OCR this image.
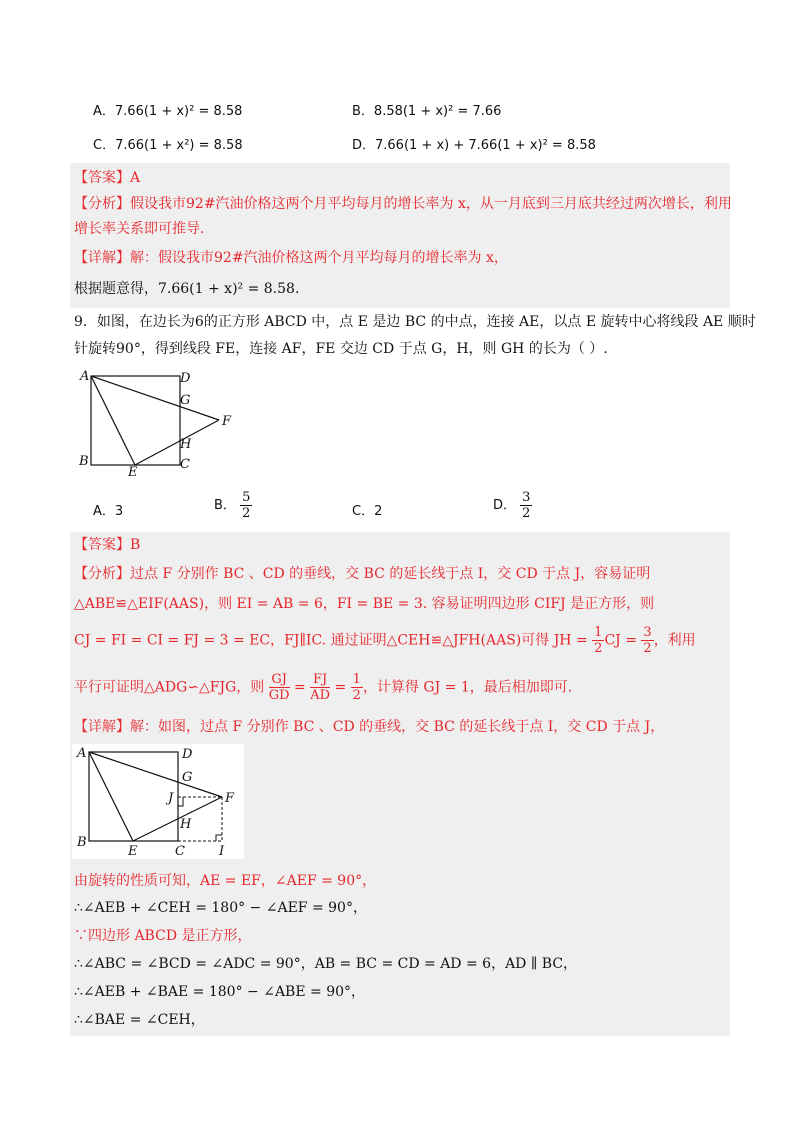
A．7.66(1 + x)² = 8.58	B．8.58(1 + x)² = 7.66
C．7.66(1 + x²) = 8.58	D．7.66(1 + x) + 7.66(1 + x)² = 8.58
【答案】A
【分析】假设我市92#汽油价格这两个月平均每月的增长率为 x，从一月底到三月底共经过两次增长，利用
增长率关系即可推导.
【详解】解：假设我市92#汽油价格这两个月平均每月的增长率为 x，
根据题意得，7.66(1 + x)² = 8.58.
9．如图，在边长为6的正方形 ABCD 中，点 E 是边 BC 的中点，连接 AE，以点 E 旋转中心将线段 AE 顺时
针旋转90°，得到线段 FE，连接 AF，FE 交边 CD 于点 G，H，则 GH 的长为（ ）.
A	D
G
F
H
B
E
C
A．3	B． $\frac{5}{2}$	C．2	D． $\frac{3}{2}$
【答案】B
【分析】过点 F 分别作 BC 、CD 的垂线，交 BC 的延长线于点 I，交 CD 于点 J，容易证明
△ABE≌△EIF(AAS)，则 EI = AB = 6，FI = BE = 3. 容易证明四边形 CIFJ 是正方形，则
CJ = FI = CI = FJ = 3 = EC，FJ∥IC. 通过证明△CEH≌△JFH(AAS)可得 JH = $\frac{1}{2}$ CJ = $\frac{3}{2}$ ，利用
平行可证明△ADG∽△FJG，则 $\frac{GJ}{GD} = \frac{FJ}{AD} = \frac{1}{2}$ ，计算得 GJ = 1，最后相加即可.
【详解】解：如图，过点 F 分别作 BC 、CD 的垂线，交 BC 的延长线于点 I，交 CD 于点 J，
A	D
G
J	F
H
B
E	C	I
由旋转的性质可知，AE = EF，∠AEF = 90°，
∴∠AEB + ∠CEH = 180° − ∠AEF = 90°，
∵四边形 ABCD 是正方形，
∴∠ABC = ∠BCD = ∠ADC = 90°，AB = BC = CD = AD = 6，AD ∥ BC，
∴∠AEB + ∠BAE = 180° − ∠ABE = 90°，
∴∠BAE = ∠CEH，
